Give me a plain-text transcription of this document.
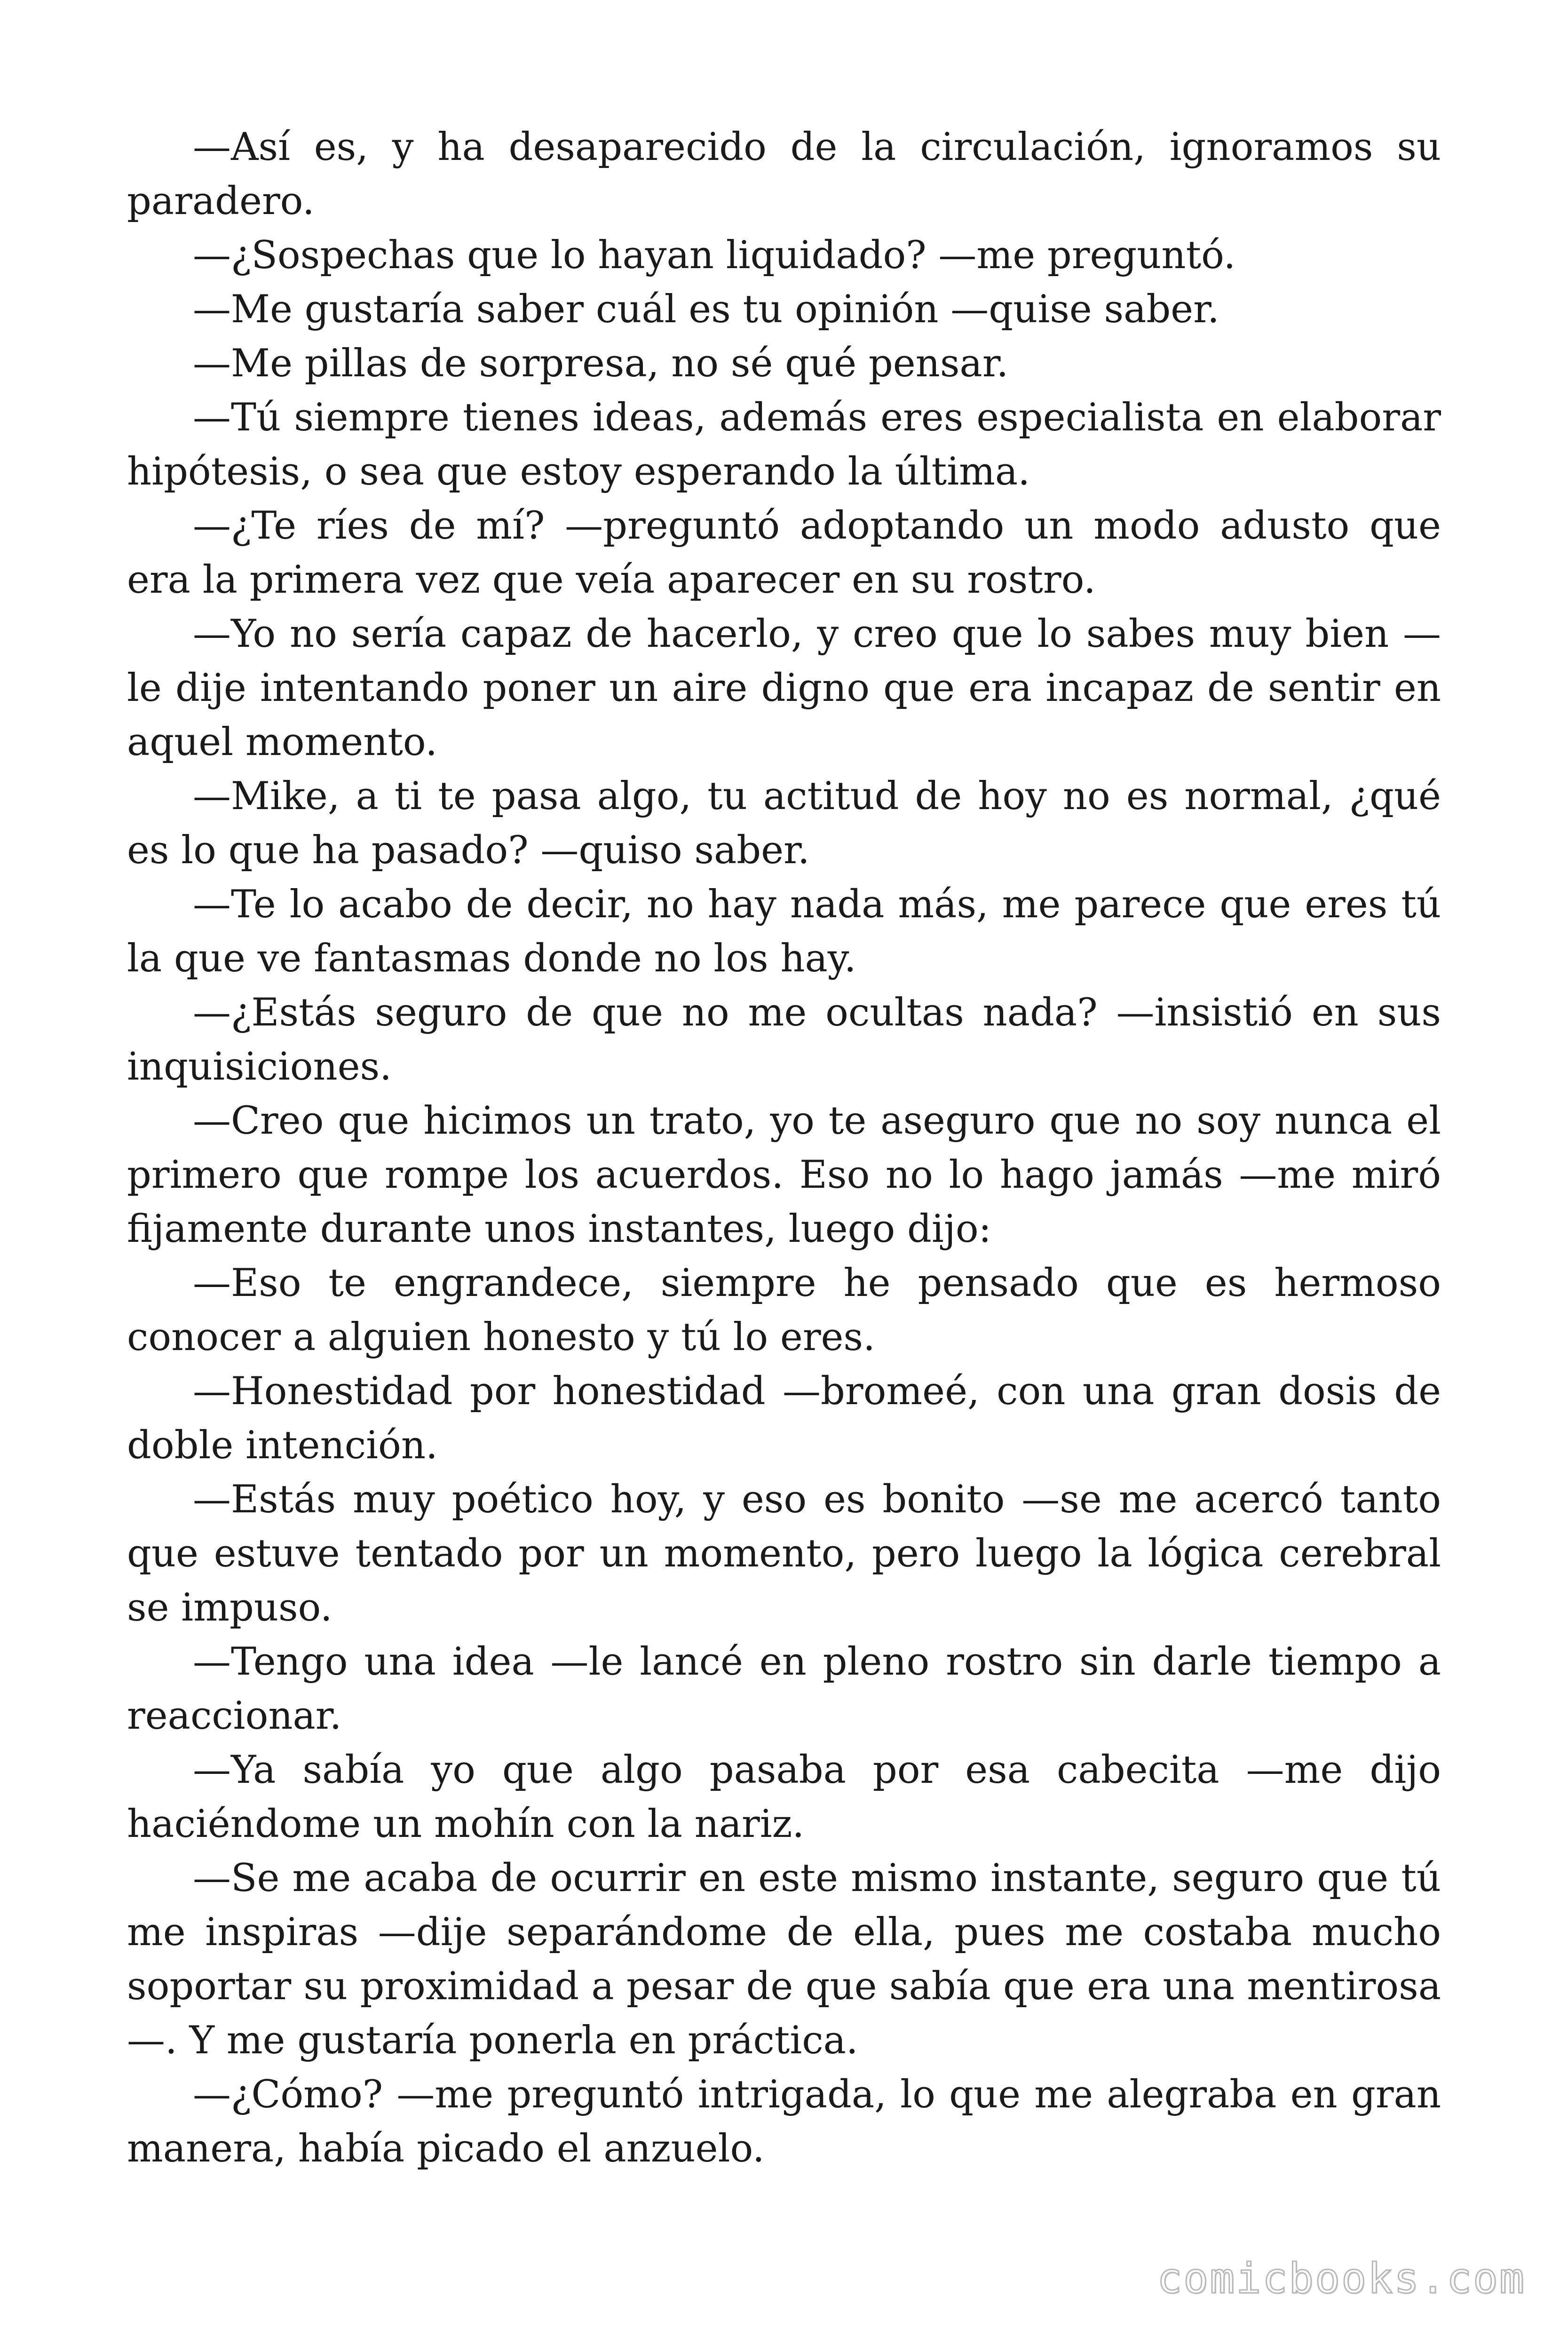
—Así es, y ha desaparecido de la circulación, ignoramos su paradero.

—¿Sospechas que lo hayan liquidado? —me preguntó.

—Me gustaría saber cuál es tu opinión —quise saber.

—Me pillas de sorpresa, no sé qué pensar.

—Tú siempre tienes ideas, además eres especialista en elaborar hipótesis, o sea que estoy esperando la última.

—¿Te ríes de mí? —preguntó adoptando un modo adusto que era la primera vez que veía aparecer en su rostro.

—Yo no sería capaz de hacerlo, y creo que lo sabes muy bien — le dije intentando poner un aire digno que era incapaz de sentir en aquel momento.

—Mike, a ti te pasa algo, tu actitud de hoy no es normal, ¿qué es lo que ha pasado? —quiso saber.

—Te lo acabo de decir, no hay nada más, me parece que eres tú la que ve fantasmas donde no los hay.

—¿Estás seguro de que no me ocultas nada? —insistió en sus inquisiciones.

—Creo que hicimos un trato, yo te aseguro que no soy nunca el primero que rompe los acuerdos. Eso no lo hago jamás —me miró fijamente durante unos instantes, luego dijo:

—Eso te engrandece, siempre he pensado que es hermoso conocer a alguien honesto y tú lo eres.

—Honestidad por honestidad —bromeé, con una gran dosis de doble intención.

—Estás muy poético hoy, y eso es bonito —se me acercó tanto que estuve tentado por un momento, pero luego la lógica cerebral se impuso.

—Tengo una idea —le lancé en pleno rostro sin darle tiempo a reaccionar.

—Ya sabía yo que algo pasaba por esa cabecita —me dijo haciéndome un mohín con la nariz.

—Se me acaba de ocurrir en este mismo instante, seguro que tú me inspiras —dije separándome de ella, pues me costaba mucho soportar su proximidad a pesar de que sabía que era una mentirosa —. Y me gustaría ponerla en práctica.

—¿Cómo? —me preguntó intrigada, lo que me alegraba en gran manera, había picado el anzuelo.

comicbooks.com
